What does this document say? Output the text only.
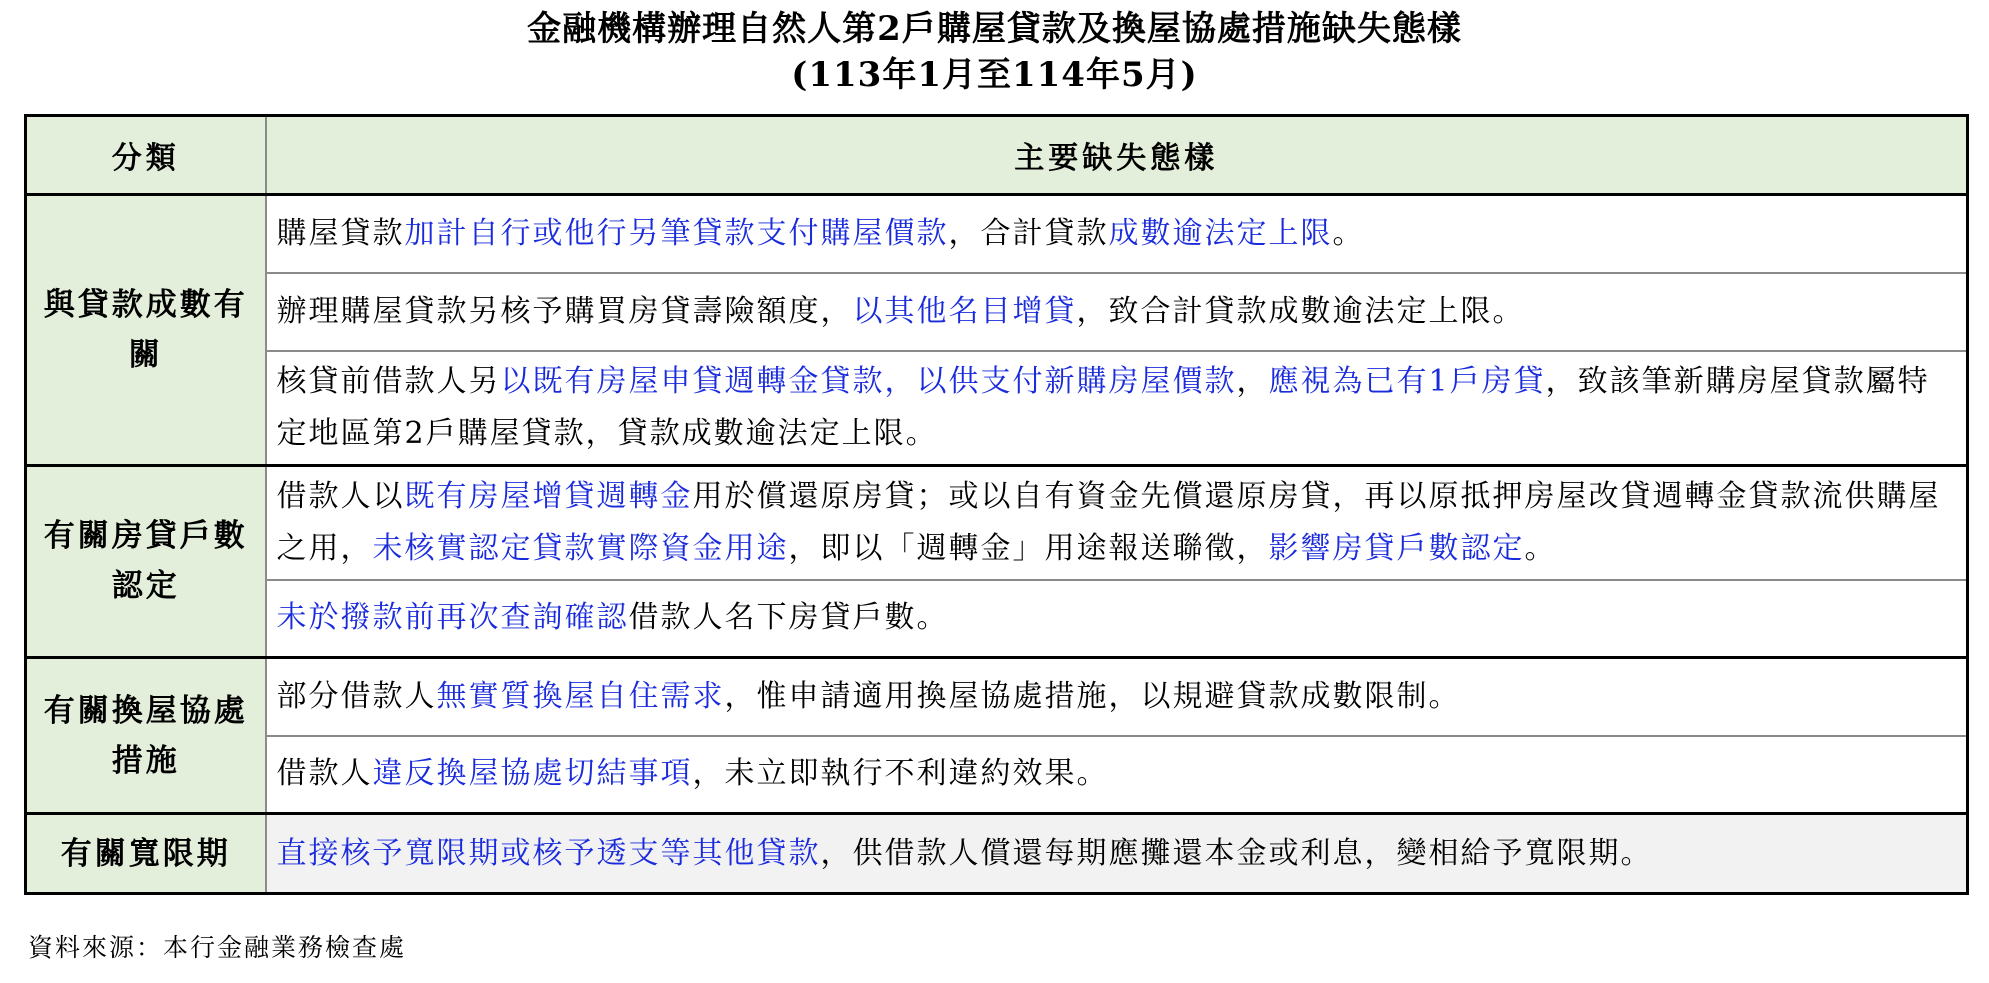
金融機構辦理自然人第2戶購屋貸款及換屋協處措施缺失態樣
(113年1月至114年5月)
分類	主要缺失態樣
與貸款成數有關	購屋貸款加計自行或他行另筆貸款支付購屋價款，合計貸款成數逾法定上限。
	辦理購屋貸款另核予購買房貸壽險額度，以其他名目增貸，致合計貸款成數逾法定上限。
	核貸前借款人另以既有房屋申貸週轉金貸款，以供支付新購房屋價款，應視為已有1戶房貸，致該筆新購房屋貸款屬特定地區第2戶購屋貸款，貸款成數逾法定上限。
有關房貸戶數認定	借款人以既有房屋增貸週轉金用於償還原房貸；或以自有資金先償還原房貸，再以原抵押房屋改貸週轉金貸款流供購屋之用，未核實認定貸款實際資金用途，即以「週轉金」用途報送聯徵，影響房貸戶數認定。
	未於撥款前再次查詢確認借款人名下房貸戶數。
有關換屋協處措施	部分借款人無實質換屋自住需求，惟申請適用換屋協處措施，以規避貸款成數限制。
	借款人違反換屋協處切結事項，未立即執行不利違約效果。
有關寬限期	直接核予寬限期或核予透支等其他貸款，供借款人償還每期應攤還本金或利息，變相給予寬限期。
資料來源：本行金融業務檢查處
